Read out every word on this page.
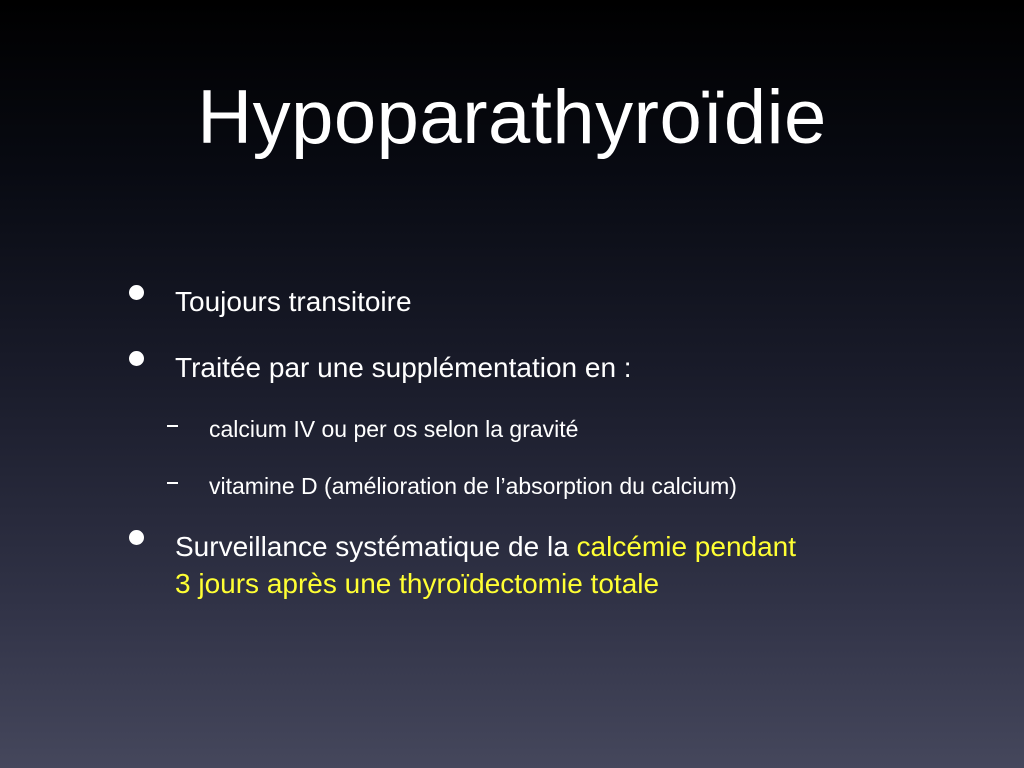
Hypoparathyroïdie
Toujours transitoire
Traitée par une supplémentation en :
calcium IV ou per os selon la gravité
vitamine D (amélioration de l’absorption du calcium)
Surveillance systématique de la calcémie pendant
3 jours après une thyroïdectomie totale
